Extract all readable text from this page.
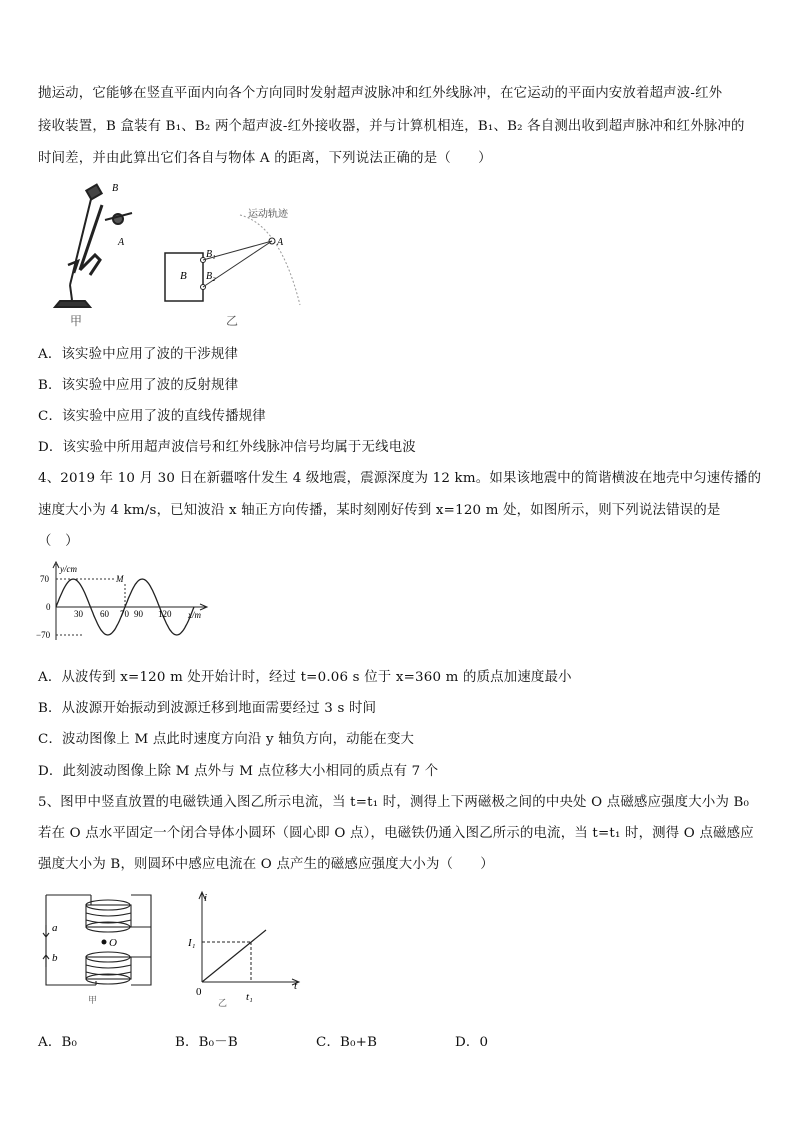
抛运动，它能够在竖直平面内向各个方向同时发射超声波脉冲和红外线脉冲，在它运动的平面内安放着超声波-红外
接收装置，B 盒装有 B₁、B₂ 两个超声波-红外接收器，并与计算机相连，B₁、B₂ 各自测出收到超声脉冲和红外脉冲的
时间差，并由此算出它们各自与物体 A 的距离，下列说法正确的是（　　）
B
A
甲
运动轨迹
B
B₁
B₂
A
乙
A．该实验中应用了波的干涉规律
B．该实验中应用了波的反射规律
C．该实验中应用了波的直线传播规律
D．该实验中所用超声波信号和红外线脉冲信号均属于无线电波
4、2019 年 10 月 30 日在新疆喀什发生 4 级地震，震源深度为 12 km。如果该地震中的简谐横波在地壳中匀速传播的
速度大小为 4 km/s，已知波沿 x 轴正方向传播，某时刻刚好传到 x=120 m 处，如图所示，则下列说法错误的是
（　）
y/cm
x/m
70
0
−70
M
30 60 70 90 120
A．从波传到 x=120 m 处开始计时，经过 t=0.06 s 位于 x=360 m 的质点加速度最小
B．从波源开始振动到波源迁移到地面需要经过 3 s 时间
C．波动图像上 M 点此时速度方向沿 y 轴负方向，动能在变大
D．此刻波动图像上除 M 点外与 M 点位移大小相同的质点有 7 个
5、图甲中竖直放置的电磁铁通入图乙所示电流，当 t=t₁ 时，测得上下两磁极之间的中央处 O 点磁感应强度大小为 B₀
若在 O 点水平固定一个闭合导体小圆环（圆心即 O 点），电磁铁仍通入图乙所示的电流，当 t=t₁ 时，测得 O 点磁感应
强度大小为 B，则圆环中感应电流在 O 点产生的磁感应强度大小为（　　）
O
a
b
甲
i
t
I₁
t₁
0
乙
A．B₀	B．B₀－B	C．B₀+B	D．0
